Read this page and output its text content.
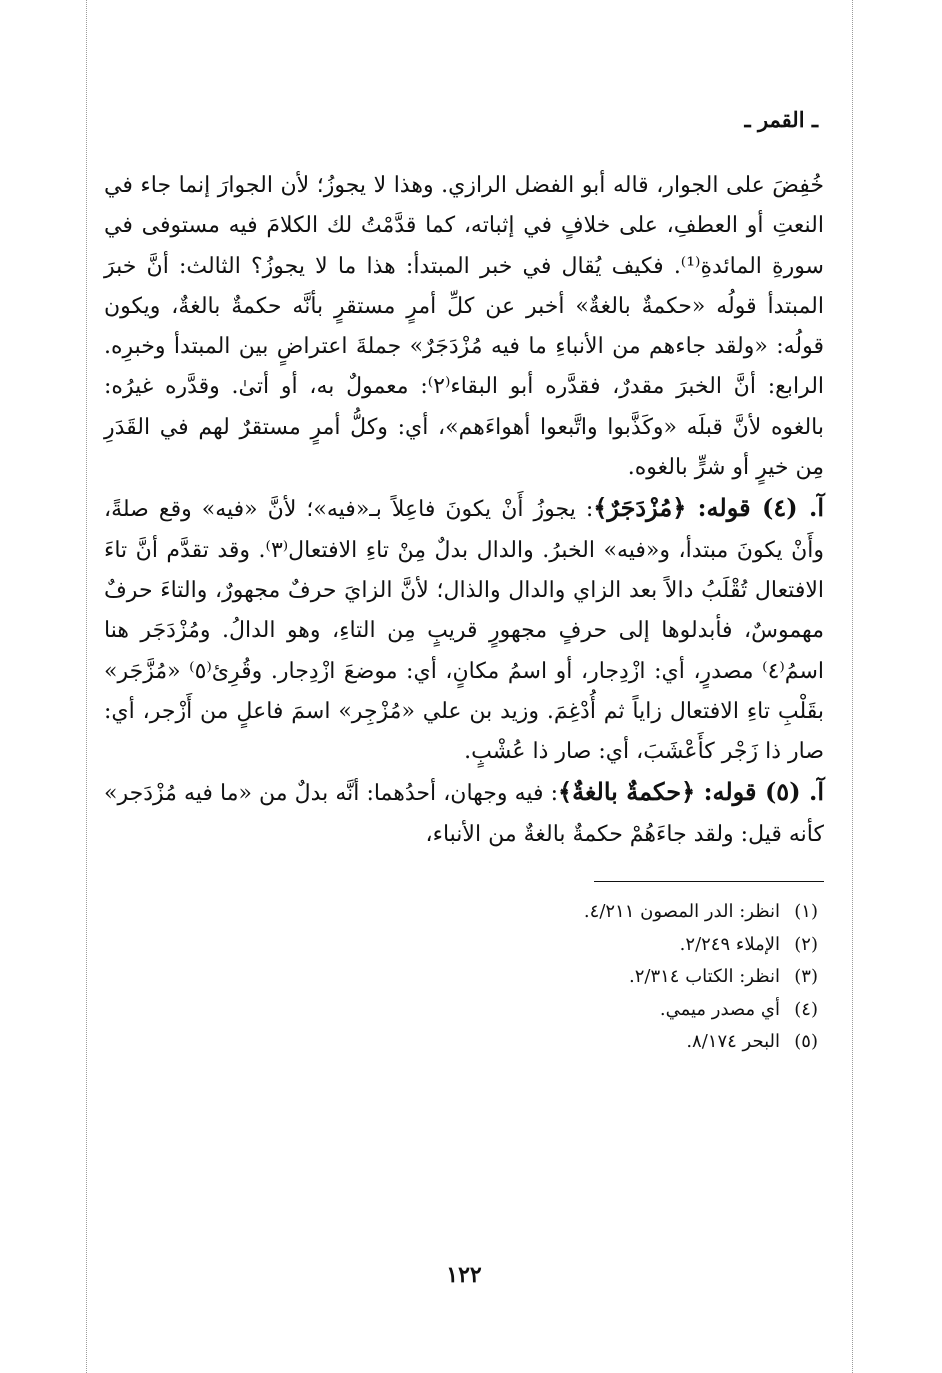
ـ القمر ـ

خُفِضَ على الجوار، قاله أبو الفضل الرازي. وهذا لا يجوزُ؛ لأن الجوارَ إنما جاء في النعتِ أو العطفِ، على خلافٍ في إثباته، كما قدَّمْتُ لك الكلامَ فيه مستوفى في سورةِ المائدةِ⁽¹⁾. فكيف يُقال في خبر المبتدأ: هذا ما لا يجوزُ؟ الثالث: أنَّ خبرَ المبتدأ قولُه «حكمةٌ بالغةٌ» أخبر عن كلِّ أمرٍ مستقرٍ بأنَّه حكمةٌ بالغةٌ، ويكون قولُه: «ولقد جاءهم من الأنباءِ ما فيه مُزْدَجَرٌ» جملةَ اعتراضٍ بين المبتدأ وخبرِه. الرابع: أنَّ الخبرَ مقدرٌ، فقدَّره أبو البقاء⁽٢⁾: معمولٌ به، أو أتىٰ. وقدَّره غيرُه: بالغوه لأنَّ قبلَه «وكَذَّبوا واتَّبعوا أهواءَهم»، أي: وكلُّ أمرٍ مستقرٌ لهم في القَدَرِ مِن خيرٍ أو شرٍّ بالغوه.

آ. (٤) قوله: ﴿مُزْدَجَرٌ﴾: يجوزُ أَنْ يكونَ فاعِلاً بـ«فيه»؛ لأنَّ «فيه» وقع صلةً، وأَنْ يكونَ مبتدأ، و«فيه» الخبرُ. والدال بدلٌ مِنْ تاءِ الافتعال⁽٣⁾. وقد تقدَّم أنَّ تاءَ الافتعال تُقْلَبُ دالاً بعد الزاي والدال والذال؛ لأنَّ الزايَ حرفٌ مجهورٌ، والتاءَ حرفٌ مهموسٌ، فأبدلوها إلى حرفٍ مجهورٍ قريبٍ مِن التاءِ، وهو الدالُ. ومُزْدَجَر هنا اسمُ⁽٤⁾ مصدرٍ، أي: ازْدِجار، أو اسمُ مكانٍ، أي: موضعَ ازْدِجار. وقُرِئ⁽٥⁾ «مُزَّجَر» بقَلْبِ تاءِ الافتعال زاياً ثم أُدْغِمَ. وزيد بن علي «مُزْجِر» اسمَ فاعلٍ من أَزْجر، أي: صار ذا زَجْر كأَعْشَبَ، أي: صار ذا عُشْبٍ.

آ. (٥) قوله: ﴿حكمةٌ بالغةٌ﴾: فيه وجهان، أحدُهما: أنَّه بدلٌ من «ما فيه مُزْدَجر» كأنه قيل: ولقد جاءَهُمْ حكمةٌ بالغةٌ من الأنباء،

(١)انظر: الدر المصون ٤/٢١١.
(٢)الإملاء ٢/٢٤٩.
(٣)انظر: الكتاب ٢/٣١٤.
(٤)أي مصدر ميمي.
(٥)البحر ٨/١٧٤.
١٢٢
